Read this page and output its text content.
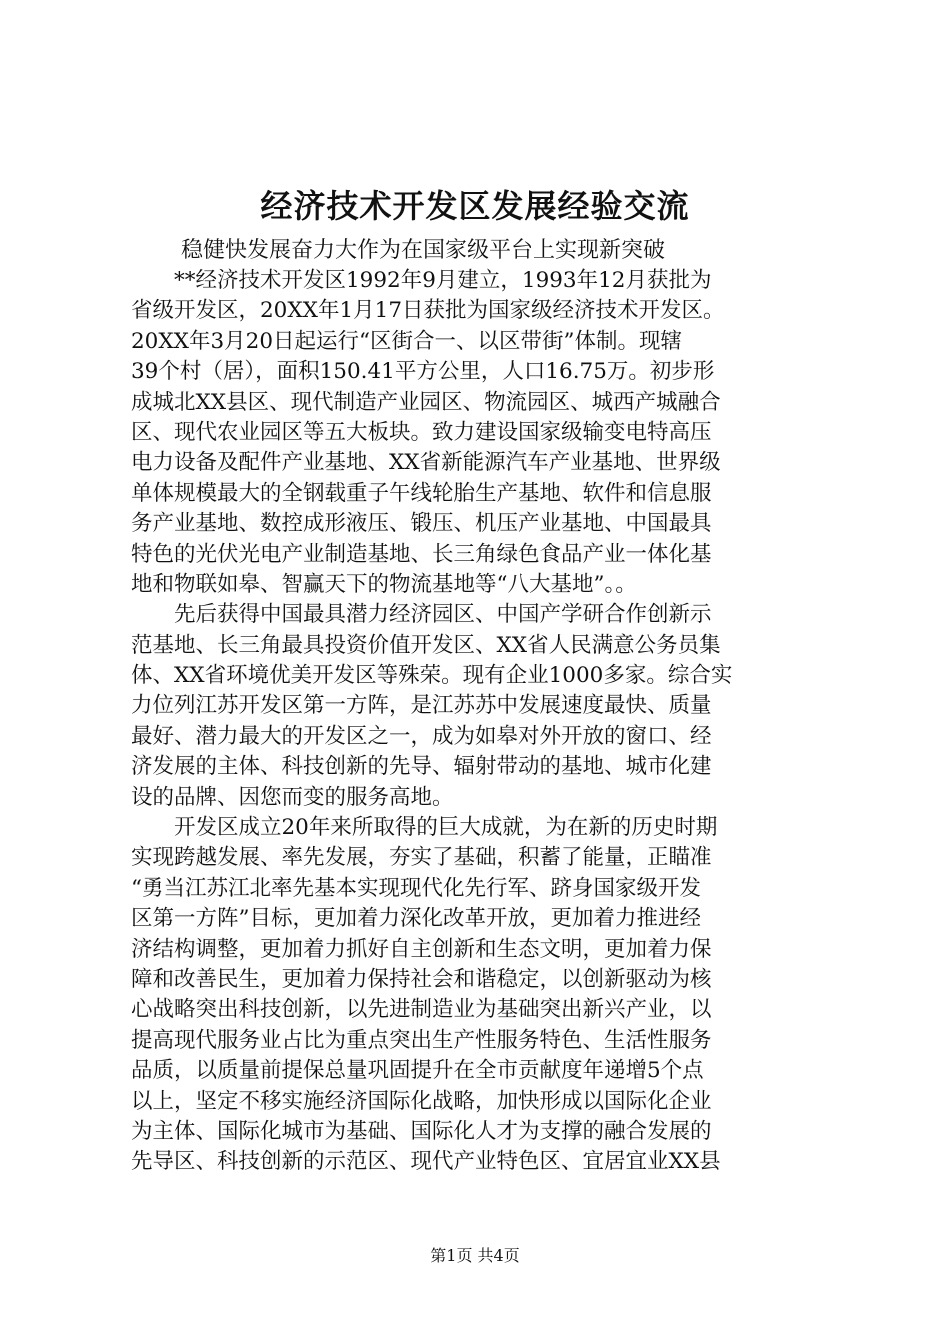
经济技术开发区发展经验交流
稳健快发展奋力大作为在国家级平台上实现新突破
　　**经济技术开发区1992年9月建立，1993年12月获批为
省级开发区，20XX年1月17日获批为国家级经济技术开发区。
20XX年3月20日起运行“区街合一、以区带街”体制。现辖
39个村（居），面积150.41平方公里，人口16.75万。初步形
成城北XX县区、现代制造产业园区、物流园区、城西产城融合
区、现代农业园区等五大板块。致力建设国家级输变电特高压
电力设备及配件产业基地、XX省新能源汽车产业基地、世界级
单体规模最大的全钢载重子午线轮胎生产基地、软件和信息服
务产业基地、数控成形液压、锻压、机压产业基地、中国最具
特色的光伏光电产业制造基地、长三角绿色食品产业一体化基
地和物联如皋、智赢天下的物流基地等“八大基地”。。
　　先后获得中国最具潜力经济园区、中国产学研合作创新示
范基地、长三角最具投资价值开发区、XX省人民满意公务员集
体、XX省环境优美开发区等殊荣。现有企业1000多家。综合实
力位列江苏开发区第一方阵，是江苏苏中发展速度最快、质量
最好、潜力最大的开发区之一，成为如皋对外开放的窗口、经
济发展的主体、科技创新的先导、辐射带动的基地、城市化建
设的品牌、因您而变的服务高地。
　　开发区成立20年来所取得的巨大成就，为在新的历史时期
实现跨越发展、率先发展，夯实了基础，积蓄了能量，正瞄准
“勇当江苏江北率先基本实现现代化先行军、跻身国家级开发
区第一方阵”目标，更加着力深化改革开放，更加着力推进经
济结构调整，更加着力抓好自主创新和生态文明，更加着力保
障和改善民生，更加着力保持社会和谐稳定，以创新驱动为核
心战略突出科技创新，以先进制造业为基础突出新兴产业，以
提高现代服务业占比为重点突出生产性服务特色、生活性服务
品质，以质量前提保总量巩固提升在全市贡献度年递增5个点
以上，坚定不移实施经济国际化战略，加快形成以国际化企业
为主体、国际化城市为基础、国际化人才为支撑的融合发展的
先导区、科技创新的示范区、现代产业特色区、宜居宜业XX县
第1页 共4页
